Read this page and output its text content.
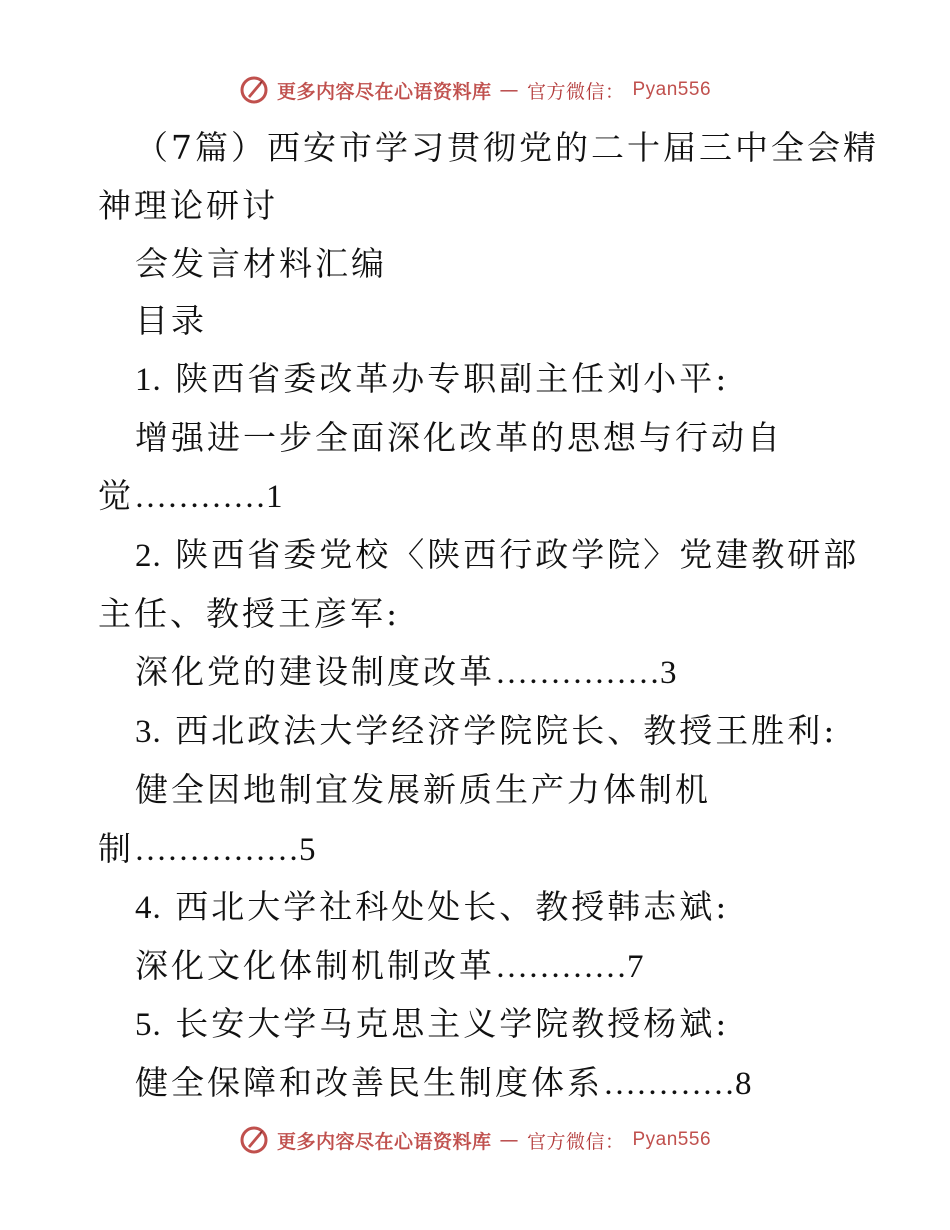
更多内容尽在心语资料库 — 官方微信： Pyan556
（7篇）西安市学习贯彻党的二十届三中全会精
神理论研讨
会发言材料汇编
目录
1. 陕西省委改革办专职副主任刘小平:
增强进一步全面深化改革的思想与行动自
觉…………1
2. 陕西省委党校〈陕西行政学院〉党建教研部
主任、教授王彦军:
深化党的建设制度改革……………3
3. 西北政法大学经济学院院长、教授王胜利:
健全因地制宜发展新质生产力体制机
制……………5
4. 西北大学社科处处长、教授韩志斌:
深化文化体制机制改革…………7
5. 长安大学马克思主义学院教授杨斌:
健全保障和改善民生制度体系…………8
更多内容尽在心语资料库 — 官方微信： Pyan556
